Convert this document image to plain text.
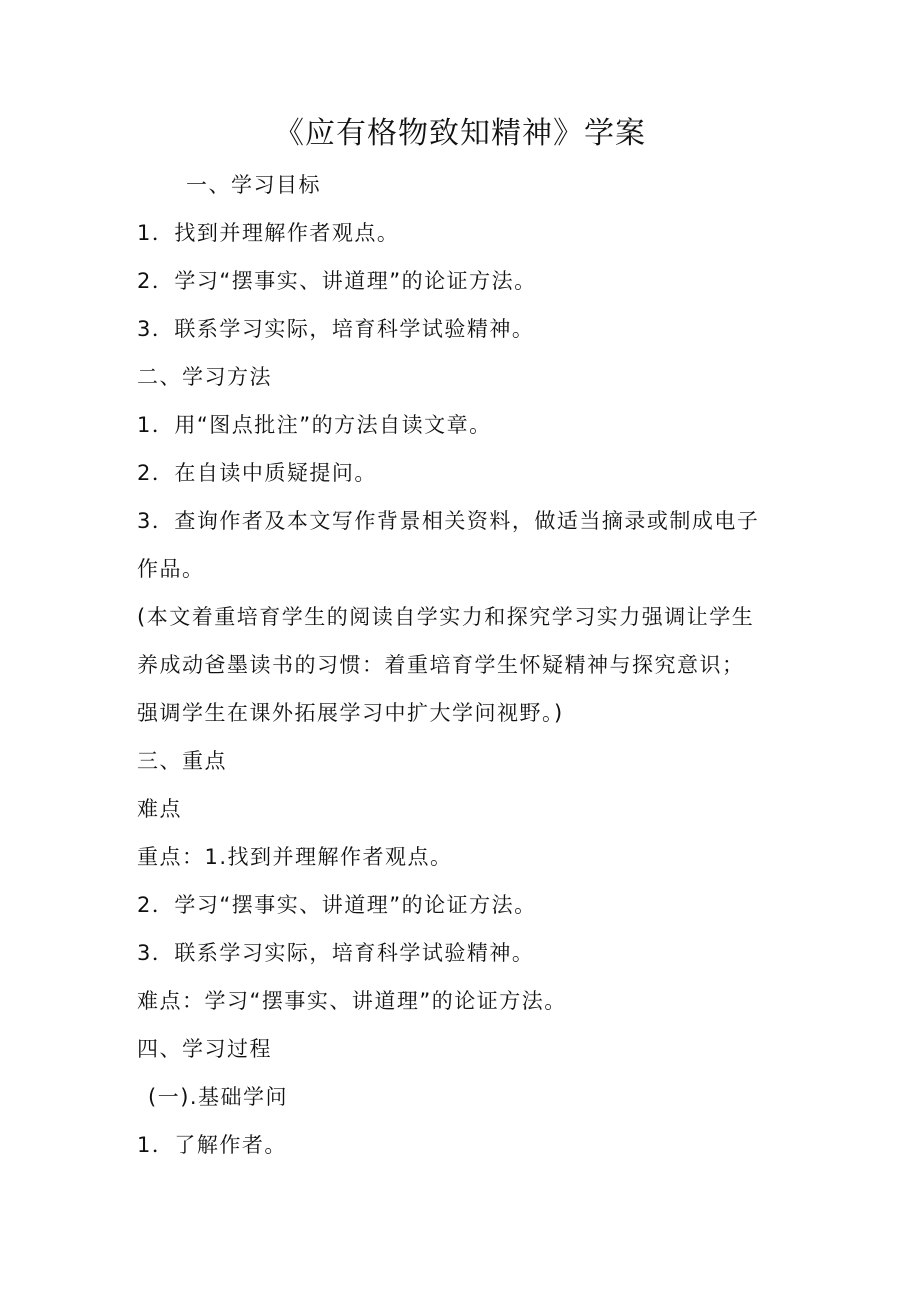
《应有格物致知精神》学案
一、学习目标
1．找到并理解作者观点。
2．学习“摆事实、讲道理”的论证方法。
3．联系学习实际，培育科学试验精神。
二、学习方法
1．用“图点批注”的方法自读文章。
2．在自读中质疑提问。
3．查询作者及本文写作背景相关资料，做适当摘录或制成电子
作品。
(本文着重培育学生的阅读自学实力和探究学习实力强调让学生
养成动爸墨读书的习惯：着重培育学生怀疑精神与探究意识；
强调学生在课外拓展学习中扩大学问视野。)
三、重点
难点
重点：1.找到并理解作者观点。
2．学习“摆事实、讲道理”的论证方法。
3．联系学习实际，培育科学试验精神。
难点：学习“摆事实、讲道理”的论证方法。
四、学习过程
(一).基础学问
1．了解作者。
